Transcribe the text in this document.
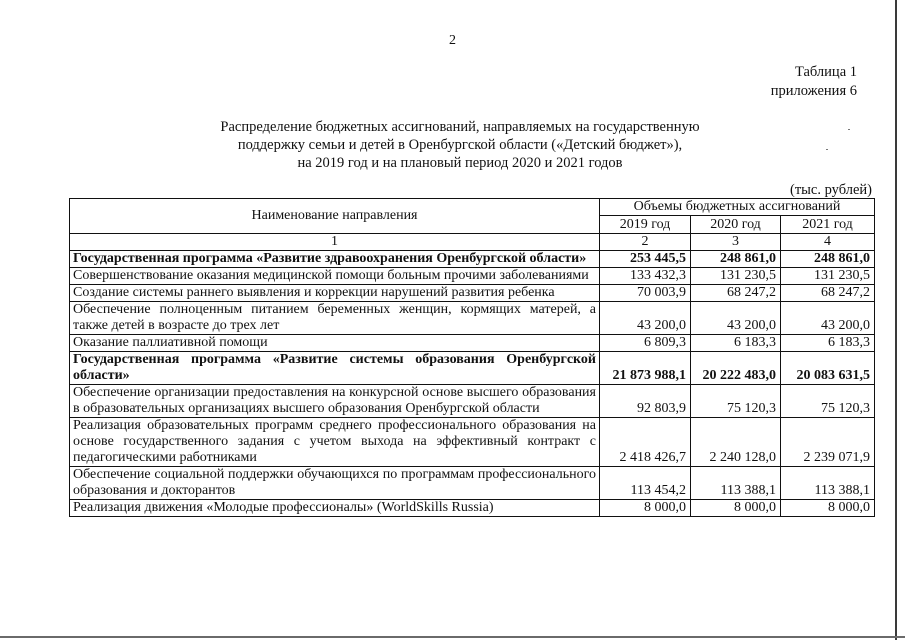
2
Таблица 1
приложения 6
Распределение бюджетных ассигнований, направляемых на государственную
поддержку семьи и детей в Оренбургской области («Детский бюджет»),
на 2019 год и на плановый период 2020 и 2021 годов
(тыс. рублей)
Наименование направления	Объемы бюджетных ассигнований		
	2019 год	2020 год	2021 год
1	2	3	4
Государственная программа «Развитие здравоохранения Оренбургской области»	253 445,5	248 861,0	248 861,0
Совершенствование оказания медицинской помощи больным прочими заболеваниями	133 432,3	131 230,5	131 230,5
Создание системы раннего выявления и коррекции нарушений развития ребенка	70 003,9	68 247,2	68 247,2
Обеспечение полноценным питанием беременных женщин, кормящих матерей, а также детей в возрасте до трех лет	43 200,0	43 200,0	43 200,0
Оказание паллиативной помощи	6 809,3	6 183,3	6 183,3
Государственная программа «Развитие системы образования Оренбургской области»	21 873 988,1	20 222 483,0	20 083 631,5
Обеспечение организации предоставления на конкурсной основе высшего образования в образовательных организациях высшего образования Оренбургской области	92 803,9	75 120,3	75 120,3
Реализация образовательных программ среднего профессионального образования на основе государственного задания с учетом выхода на эффективный контракт с педагогическими работниками	2 418 426,7	2 240 128,0	2 239 071,9
Обеспечение социальной поддержки обучающихся по программам профессионального образования и докторантов	113 454,2	113 388,1	113 388,1
Реализация движения «Молодые профессионалы» (WorldSkills Russia)	8 000,0	8 000,0	8 000,0
